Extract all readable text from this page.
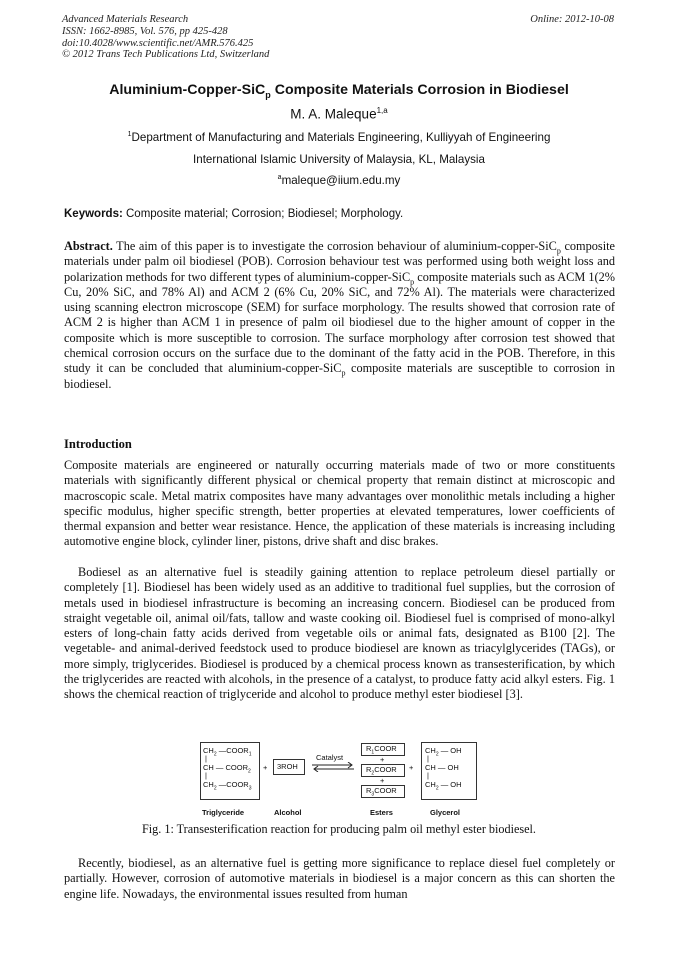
Advanced Materials Research
ISSN: 1662-8985, Vol. 576, pp 425-428
doi:10.4028/www.scientific.net/AMR.576.425
© 2012 Trans Tech Publications Ltd, Switzerland
Online: 2012-10-08
Aluminium-Copper-SiC$_p$ Composite Materials Corrosion in Biodiesel
M. A. Maleque$^{1,a}$
$^1$Department of Manufacturing and Materials Engineering, Kulliyyah of Engineering
International Islamic University of Malaysia, KL, Malaysia
$^a$maleque@iium.edu.my
Keywords: Composite material; Corrosion; Biodiesel; Morphology.
Abstract. The aim of this paper is to investigate the corrosion behaviour of aluminium-copper-SiC$_p$ composite materials under palm oil biodiesel (POB). Corrosion behaviour test was performed using both weight loss and polarization methods for two different types of aluminium-copper-SiC$_p$ composite materials such as ACM 1(2% Cu, 20% SiC, and 78% Al) and ACM 2 (6% Cu, 20% SiC, and 72% Al). The materials were characterized using scanning electron microscope (SEM) for surface morphology. The results showed that corrosion rate of ACM 2 is higher than ACM 1 in presence of palm oil biodiesel due to the higher amount of copper in the composite which is more susceptible to corrosion. The surface morphology after corrosion test showed that chemical corrosion occurs on the surface due to the dominant of the fatty acid in the POB. Therefore, in this study it can be concluded that aluminium-copper-SiC$_p$ composite materials are susceptible to corrosion in biodiesel.
Introduction
Composite materials are engineered or naturally occurring materials made of two or more constituents materials with significantly different physical or chemical property that remain distinct at microscopic and macroscopic scale. Metal matrix composites have many advantages over monolithic metals including a higher specific modulus, higher specific strength, better properties at elevated temperatures, lower coefficients of thermal expansion and better wear resistance. Hence, the application of these materials is increasing including automotive engine block, cylinder liner, pistons, drive shaft and disc brakes.
Bodiesel as an alternative fuel is steadily gaining attention to replace petroleum diesel partially or completely [1]. Biodiesel has been widely used as an additive to traditional fuel supplies, but the corrosion of metals used in biodiesel infrastructure is becoming an increasing concern. Biodiesel can be produced from straight vegetable oil, animal oil/fats, tallow and waste cooking oil. Biodiesel fuel is comprised of mono-alkyl esters of long-chain fatty acids derived from vegetable oils or animal fats, designated as B100 [2]. The vegetable- and animal-derived feedstock used to produce biodiesel are known as triacylglycerides (TAGs), or more simply, triglycerides. Biodiesel is produced by a chemical process known as transesterification, by which the triglycerides are reacted with alcohols, in the presence of a catalyst, to produce fatty acid alkyl esters. Fig. 1 shows the chemical reaction of triglyceride and alcohol to produce methyl ester biodiesel [3].
$CH_2$ $—COOR_1$
|
CH — $COOR_2$
|
$CH_2$ $—COOR_3$
+ 3ROH
Catalyst
$R_1COOR$
+
$R_2COOR$
+
$R_3COOR$
+
$CH_2$ — OH
|
CH — OH
|
$CH_2$ — OH
Triglyceride	Alcohol	Esters	Glycerol
Fig. 1: Transesterification reaction for producing palm oil methyl ester biodiesel.
Recently, biodiesel, as an alternative fuel is getting more significance to replace diesel fuel completely or partially. However, corrosion of automotive materials in biodiesel is a major concern as this can shorten the engine life. Nowadays, the environmental issues resulted from human
